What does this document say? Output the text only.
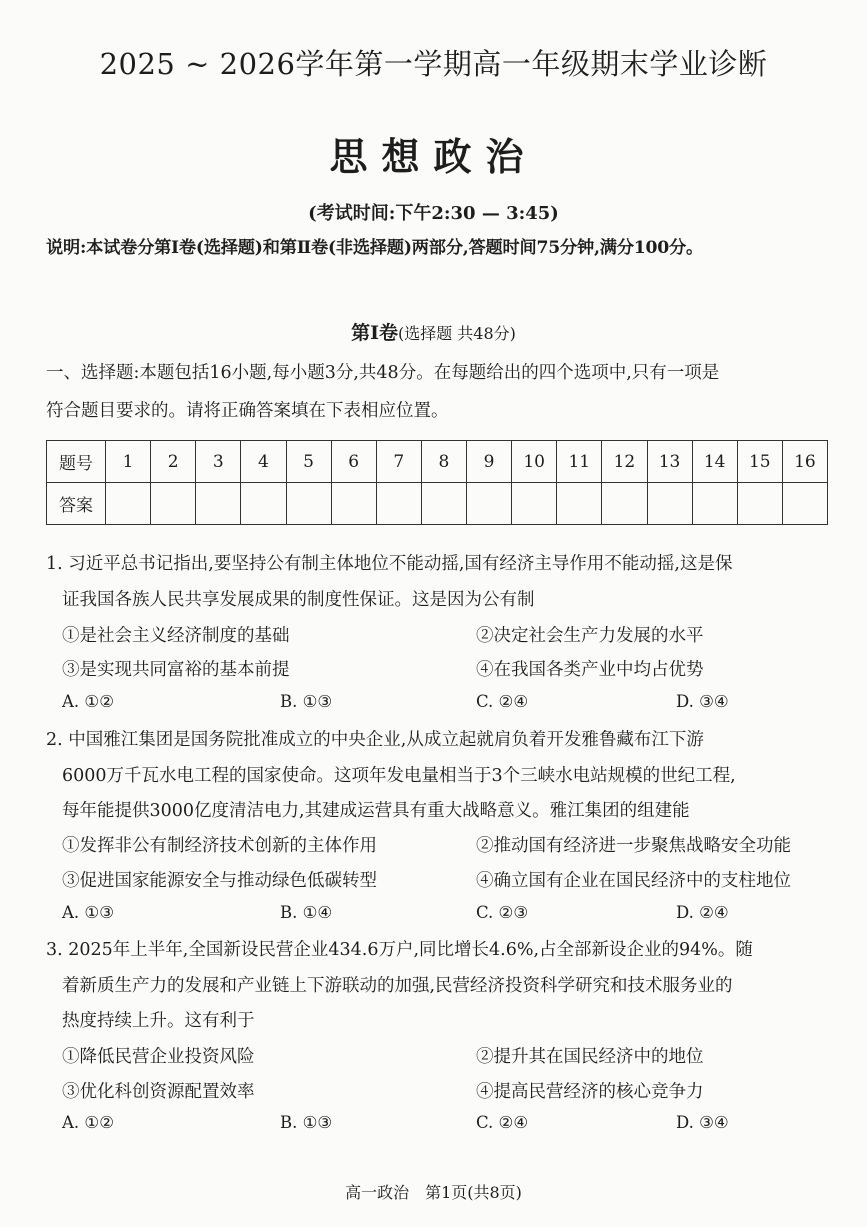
2025 ~ 2026学年第一学期高一年级期末学业诊断
思想政治
(考试时间:下午2:30 — 3:45)
说明:本试卷分第Ⅰ卷(选择题)和第Ⅱ卷(非选择题)两部分,答题时间75分钟,满分100分。
第Ⅰ卷(选择题 共48分)
一、选择题:本题包括16小题,每小题3分,共48分。在每题给出的四个选项中,只有一项是
符合题目要求的。请将正确答案填在下表相应位置。
题号	1	2	3	4	5	6	7	8	9	10	11	12	13	14	15	16
答案																
1. 习近平总书记指出,要坚持公有制主体地位不能动摇,国有经济主导作用不能动摇,这是保
证我国各族人民共享发展成果的制度性保证。这是因为公有制
①是社会主义经济制度的基础	②决定社会生产力发展的水平
③是实现共同富裕的基本前提	④在我国各类产业中均占优势
A. ①②	B. ①③	C. ②④	D. ③④
2. 中国雅江集团是国务院批准成立的中央企业,从成立起就肩负着开发雅鲁藏布江下游
6000万千瓦水电工程的国家使命。这项年发电量相当于3个三峡水电站规模的世纪工程,
每年能提供3000亿度清洁电力,其建成运营具有重大战略意义。雅江集团的组建能
①发挥非公有制经济技术创新的主体作用	②推动国有经济进一步聚焦战略安全功能
③促进国家能源安全与推动绿色低碳转型	④确立国有企业在国民经济中的支柱地位
A. ①③	B. ①④	C. ②③	D. ②④
3. 2025年上半年,全国新设民营企业434.6万户,同比增长4.6%,占全部新设企业的94%。随
着新质生产力的发展和产业链上下游联动的加强,民营经济投资科学研究和技术服务业的
热度持续上升。这有利于
①降低民营企业投资风险	②提升其在国民经济中的地位
③优化科创资源配置效率	④提高民营经济的核心竞争力
A. ①②	B. ①③	C. ②④	D. ③④
高一政治　第1页(共8页)
